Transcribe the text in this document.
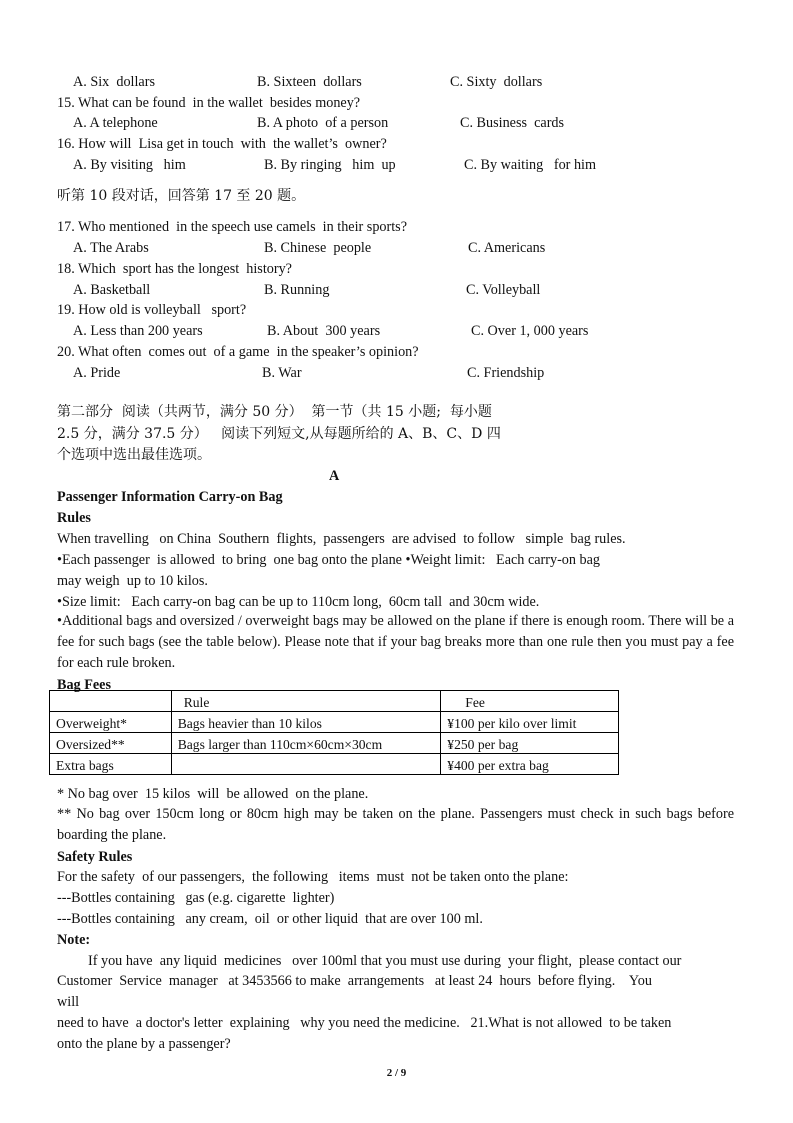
A. Six  dollars	B. Sixteen  dollars	C. Sixty  dollars
15. What can be found  in the wallet  besides money?
A. A telephone	B. A photo  of a person	C. Business  cards
16. How will  Lisa get in touch  with  the wallet’s  owner?
A. By visiting   him	B. By ringing   him  up	C. By waiting   for him
听第 10 段对话，回答第 17 至 20 题。
17. Who mentioned  in the speech use camels  in their sports?
A. The Arabs	B. Chinese  people	C. Americans
18. Which  sport has the longest  history?
A. Basketball	B. Running	C. Volleyball
19. How old is volleyball   sport?
A. Less than 200 years	B. About  300 years	C. Over 1, 000 years
20. What often  comes out  of a game  in the speaker’s opinion?
A. Pride	B. War	C. Friendship
第二部分  阅读（共两节，满分 50 分）  第一节（共 15 小题;  每小题
2.5 分，满分 37.5 分）   阅读下列短文,从每题所给的 A、B、C、D 四
个选项中选出最佳选项。
A
Passenger Information Carry-on Bag
Rules
When travelling   on China  Southern  flights,  passengers  are advised  to follow   simple  bag rules.
•Each passenger  is allowed  to bring  one bag onto the plane •Weight limit:   Each carry-on bag
may weigh  up to 10 kilos.
•Size limit:   Each carry-on bag can be up to 110cm long,  60cm tall  and 30cm wide.
•Additional bags and oversized / overweight bags may be allowed on the plane if there is enough room. There will be a fee for such bags (see the table below). Please note that if your bag breaks more than one rule then you must pay a fee for each rule broken.
Bag Fees
	Rule	Fee
Overweight*	Bags heavier than 10 kilos	¥100 per kilo over limit
Oversized**	Bags larger than 110cm×60cm×30cm	¥250 per bag
Extra bags		¥400 per extra bag
* No bag over  15 kilos  will  be allowed  on the plane.
** No bag over 150cm long or 80cm high may be taken on the plane. Passengers must check in such bags before boarding the plane.
Safety Rules
For the safety  of our passengers,  the following   items  must  not be taken onto the plane:
---Bottles containing   gas (e.g. cigarette  lighter)
---Bottles containing   any cream,  oil  or other liquid  that are over 100 ml.
Note:
If you have  any liquid  medicines   over 100ml that you must use during  your flight,  please contact our
Customer  Service  manager   at 3453566 to make  arrangements   at least 24  hours  before flying.    You
will
need to have  a doctor's letter  explaining   why you need the medicine.   21.What is not allowed  to be taken
onto the plane by a passenger?
2 / 9
